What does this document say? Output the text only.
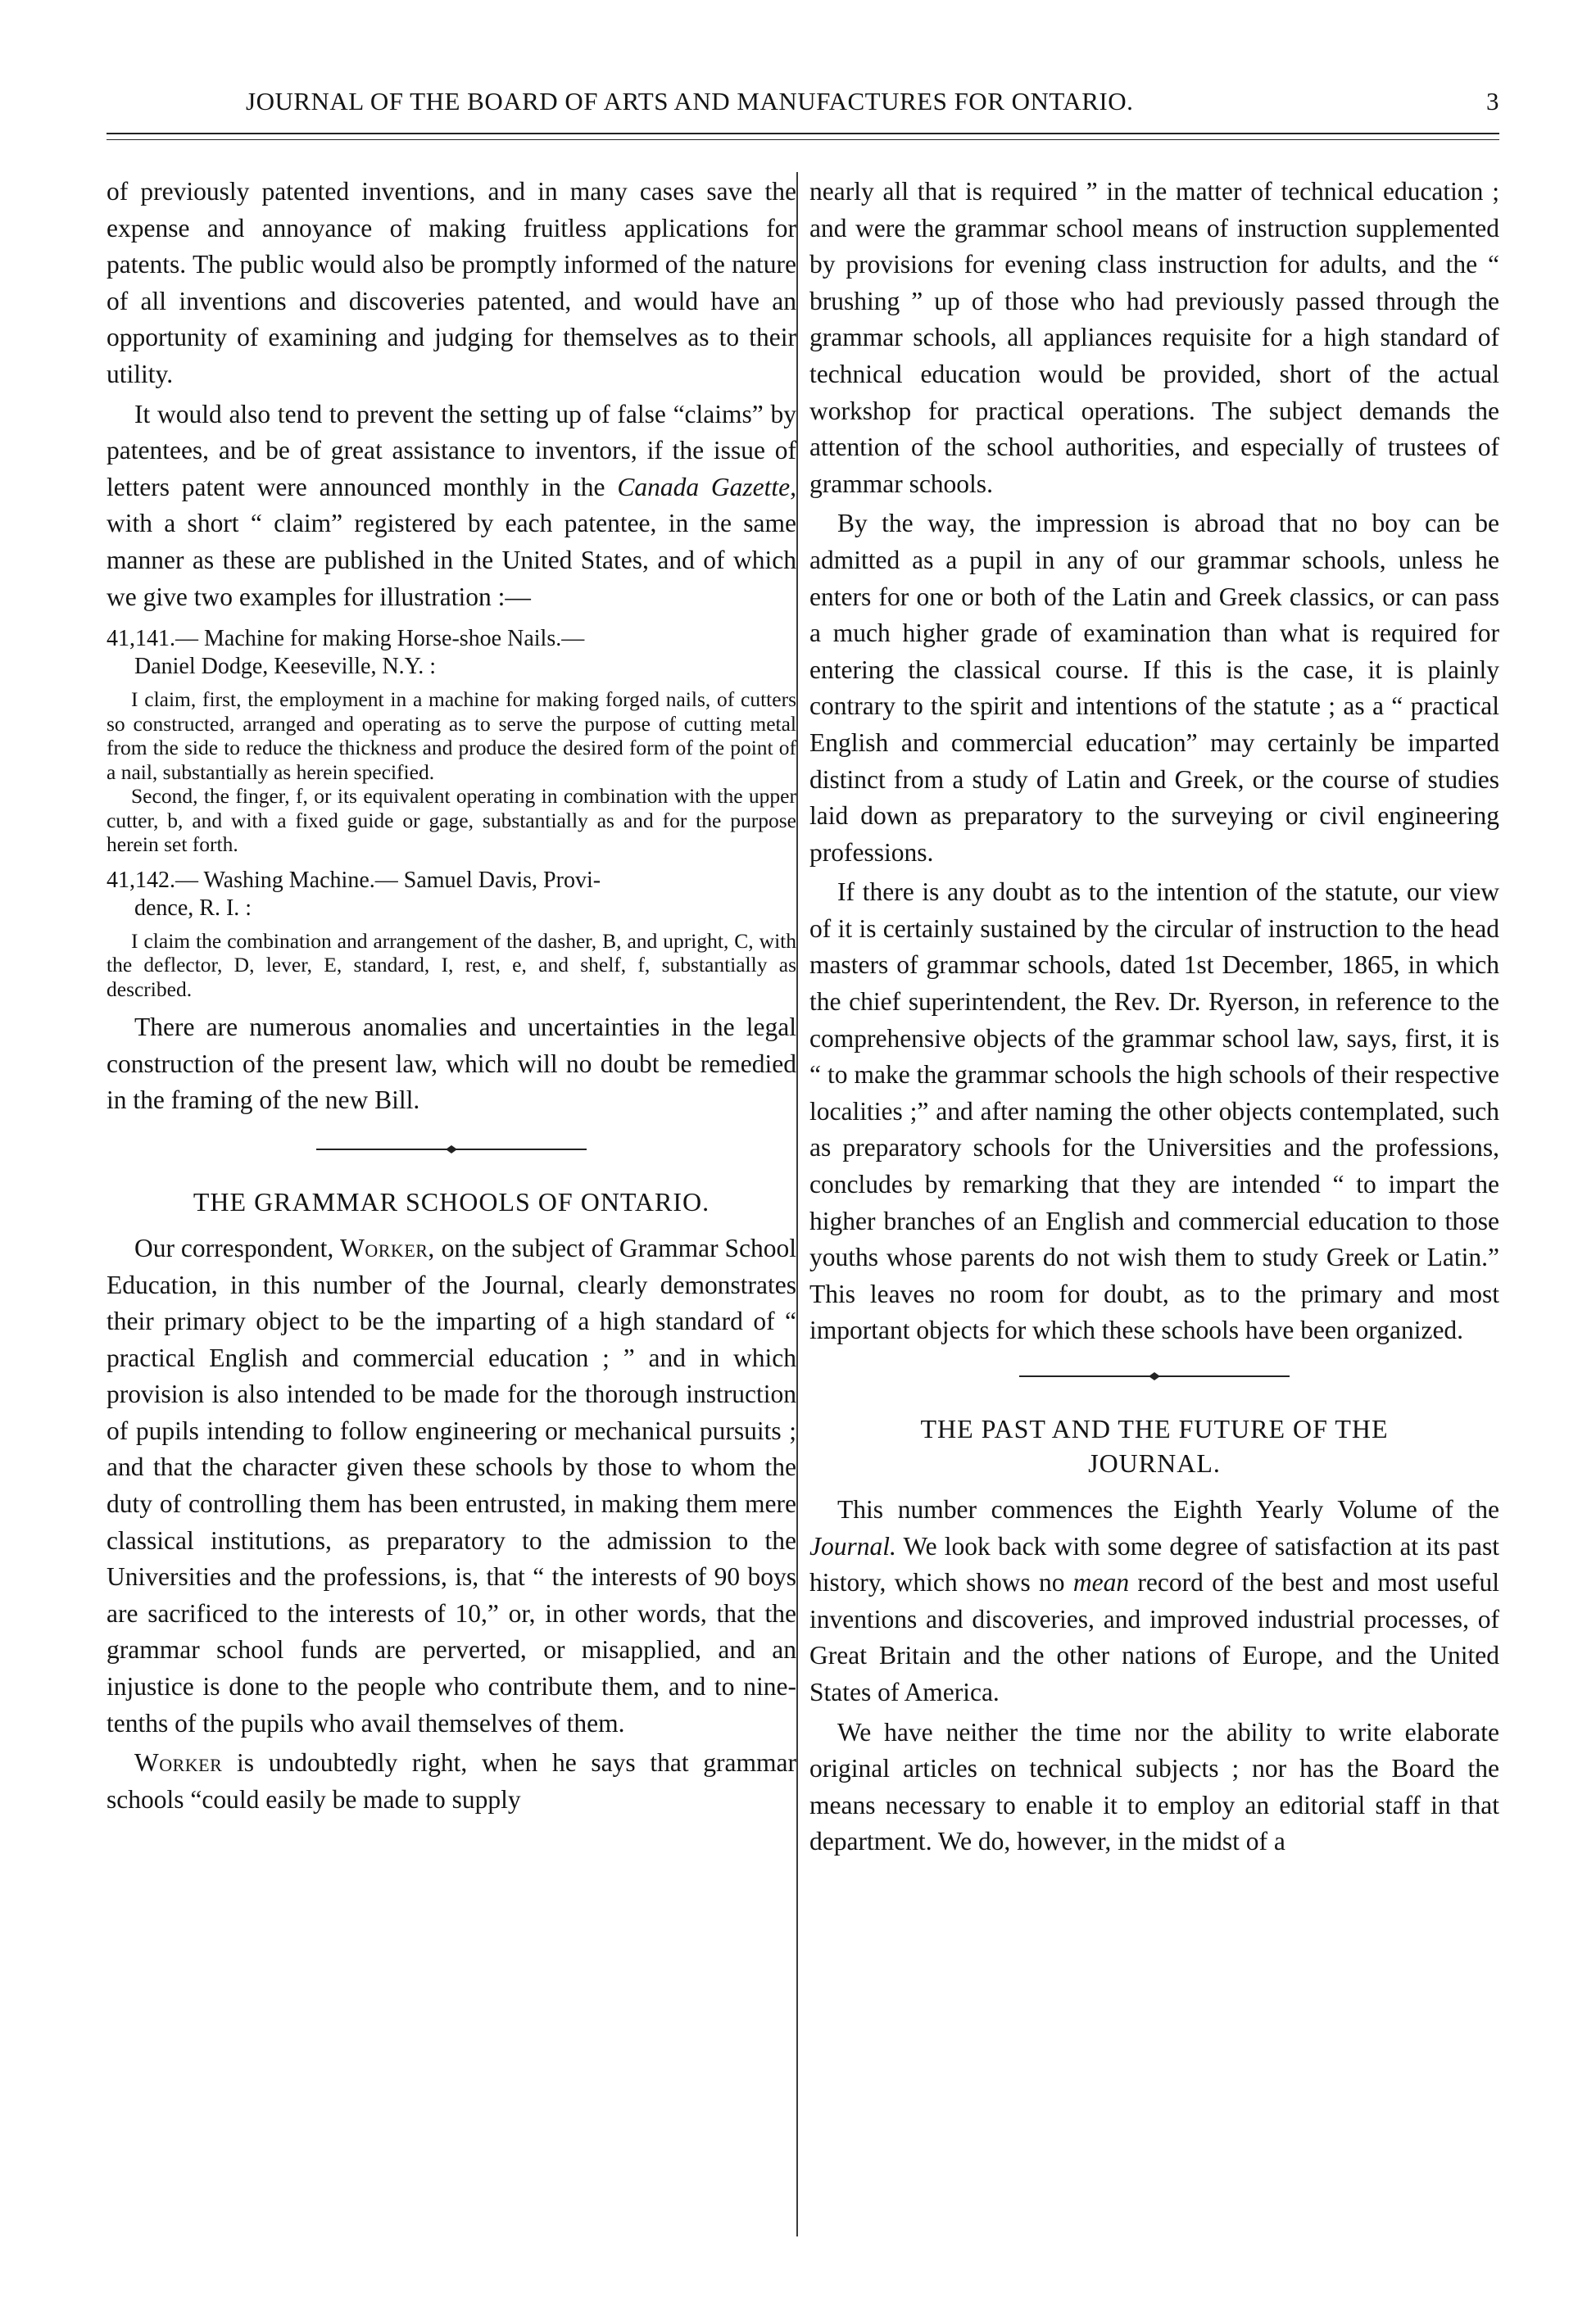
JOURNAL OF THE BOARD OF ARTS AND MANUFACTURES FOR ONTARIO.	3

of previously patented inventions, and in many cases save the expense and annoyance of making fruitless applications for patents. The public would also be promptly informed of the nature of all inventions and discoveries patented, and would have an opportunity of examining and judging for themselves as to their utility.

It would also tend to prevent the setting up of false “claims” by patentees, and be of great assistance to inventors, if the issue of letters patent were announced monthly in the Canada Gazette, with a short “ claim” registered by each patentee, in the same manner as these are published in the United States, and of which we give two examples for illustration :—

41,141.— Machine for making Horse-shoe Nails.—
Daniel Dodge, Keeseville, N.Y. :

I claim, first, the employment in a machine for making forged nails, of cutters so constructed, arranged and operating as to serve the purpose of cutting metal from the side to reduce the thickness and produce the desired form of the point of a nail, substantially as herein specified.

Second, the finger, f, or its equivalent operating in combination with the upper cutter, b, and with a fixed guide or gage, substantially as and for the purpose herein set forth.

41,142.— Washing Machine.— Samuel Davis, Provi-
dence, R. I. :

I claim the combination and arrangement of the dasher, B, and upright, C, with the deflector, D, lever, E, standard, I, rest, e, and shelf, f, substantially as described.

There are numerous anomalies and uncertainties in the legal construction of the present law, which will no doubt be remedied in the framing of the new Bill.

THE GRAMMAR SCHOOLS OF ONTARIO.

Our correspondent, Worker, on the subject of Grammar School Education, in this number of the Journal, clearly demonstrates their primary object to be the imparting of a high standard of “ practical English and commercial education ; ” and in which provision is also intended to be made for the thorough instruction of pupils intending to follow engineering or mechanical pursuits ; and that the character given these schools by those to whom the duty of controlling them has been entrusted, in making them mere classical institutions, as preparatory to the admission to the Universities and the professions, is, that “ the interests of 90 boys are sacrificed to the interests of 10,” or, in other words, that the grammar school funds are perverted, or misapplied, and an injustice is done to the people who contribute them, and to nine-tenths of the pupils who avail themselves of them.

Worker is undoubtedly right, when he says that grammar schools “could easily be made to supply

nearly all that is required ” in the matter of technical education ; and were the grammar school means of instruction supplemented by provisions for evening class instruction for adults, and the “ brushing ” up of those who had previously passed through the grammar schools, all appliances requisite for a high standard of technical education would be provided, short of the actual workshop for practical operations. The subject demands the attention of the school authorities, and especially of trustees of grammar schools.

By the way, the impression is abroad that no boy can be admitted as a pupil in any of our grammar schools, unless he enters for one or both of the Latin and Greek classics, or can pass a much higher grade of examination than what is required for entering the classical course. If this is the case, it is plainly contrary to the spirit and intentions of the statute ; as a “ practical English and commercial education” may certainly be imparted distinct from a study of Latin and Greek, or the course of studies laid down as preparatory to the surveying or civil engineering professions.

If there is any doubt as to the intention of the statute, our view of it is certainly sustained by the circular of instruction to the head masters of grammar schools, dated 1st December, 1865, in which the chief superintendent, the Rev. Dr. Ryerson, in reference to the comprehensive objects of the grammar school law, says, first, it is “ to make the grammar schools the high schools of their respective localities ;” and after naming the other objects contemplated, such as preparatory schools for the Universities and the professions, concludes by remarking that they are intended “ to impart the higher branches of an English and commercial education to those youths whose parents do not wish them to study Greek or Latin.” This leaves no room for doubt, as to the primary and most important objects for which these schools have been organized.

THE PAST AND THE FUTURE OF THE
JOURNAL.

This number commences the Eighth Yearly Volume of the Journal. We look back with some degree of satisfaction at its past history, which shows no mean record of the best and most useful inventions and discoveries, and improved industrial processes, of Great Britain and the other nations of Europe, and the United States of America.

We have neither the time nor the ability to write elaborate original articles on technical subjects ; nor has the Board the means necessary to enable it to employ an editorial staff in that department. We do, however, in the midst of a
